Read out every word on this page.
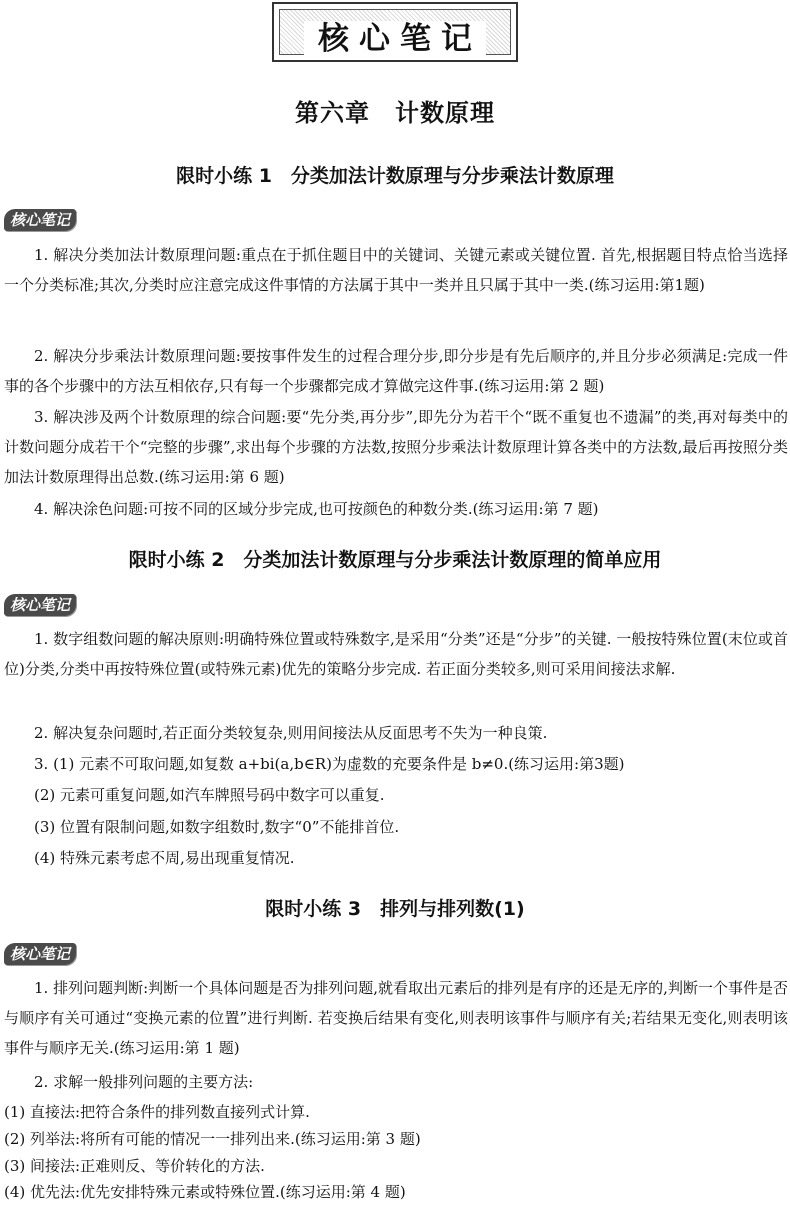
核心笔记
第六章　计数原理
限时小练 1　分类加法计数原理与分步乘法计数原理
核心笔记

1. 解决分类加法计数原理问题:重点在于抓住题目中的关键词、关键元素或关键位置. 首先,根据题目特点恰当选择一个分类标准;其次,分类时应注意完成这件事情的方法属于其中一类并且只属于其中一类.(练习运用:第1题)

2. 解决分步乘法计数原理问题:要按事件发生的过程合理分步,即分步是有先后顺序的,并且分步必须满足:完成一件事的各个步骤中的方法互相依存,只有每一个步骤都完成才算做完这件事.(练习运用:第 2 题)

3. 解决涉及两个计数原理的综合问题:要“先分类,再分步”,即先分为若干个“既不重复也不遗漏”的类,再对每类中的计数问题分成若干个“完整的步骤”,求出每个步骤的方法数,按照分步乘法计数原理计算各类中的方法数,最后再按照分类加法计数原理得出总数.(练习运用:第 6 题)

4. 解决涂色问题:可按不同的区域分步完成,也可按颜色的种数分类.(练习运用:第 7 题)

限时小练 2　分类加法计数原理与分步乘法计数原理的简单应用
核心笔记

1. 数字组数问题的解决原则:明确特殊位置或特殊数字,是采用“分类”还是“分步”的关键. 一般按特殊位置(末位或首位)分类,分类中再按特殊位置(或特殊元素)优先的策略分步完成. 若正面分类较多,则可采用间接法求解.

2. 解决复杂问题时,若正面分类较复杂,则用间接法从反面思考不失为一种良策.

3. (1) 元素不可取问题,如复数 a+bi(a,b∈R)为虚数的充要条件是 b≠0.(练习运用:第3题)

(2) 元素可重复问题,如汽车牌照号码中数字可以重复.

(3) 位置有限制问题,如数字组数时,数字“0”不能排首位.

(4) 特殊元素考虑不周,易出现重复情况.

限时小练 3　排列与排列数(1)
核心笔记

1. 排列问题判断:判断一个具体问题是否为排列问题,就看取出元素后的排列是有序的还是无序的,判断一个事件是否与顺序有关可通过“变换元素的位置”进行判断. 若变换后结果有变化,则表明该事件与顺序有关;若结果无变化,则表明该事件与顺序无关.(练习运用:第 1 题)

2. 求解一般排列问题的主要方法:

(1) 直接法:把符合条件的排列数直接列式计算.

(2) 列举法:将所有可能的情况一一排列出来.(练习运用:第 3 题)

(3) 间接法:正难则反、等价转化的方法.

(4) 优先法:优先安排特殊元素或特殊位置.(练习运用:第 4 题)
